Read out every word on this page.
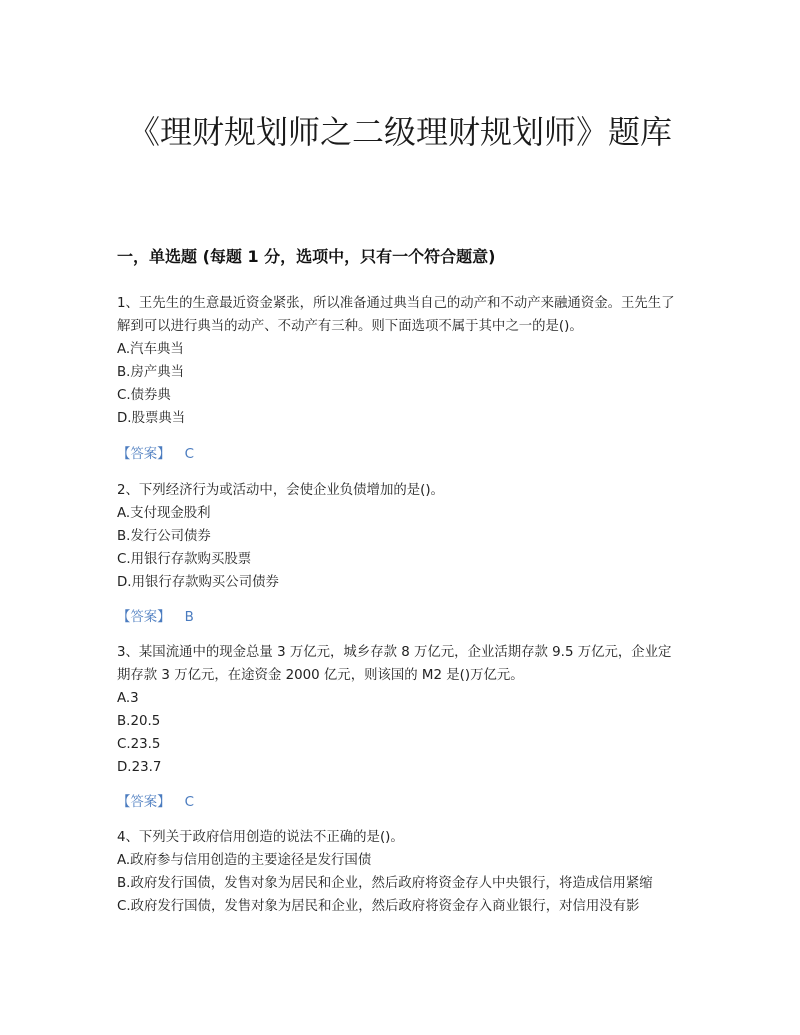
《理财规划师之二级理财规划师》题库
一，单选题 (每题 1 分，选项中，只有一个符合题意)
1、王先生的生意最近资金紧张，所以准备通过典当自己的动产和不动产来融通资金。王先生了解到可以进行典当的动产、不动产有三种。则下面选项不属于其中之一的是()。
A.汽车典当
B.房产典当
C.债券典
D.股票典当
【答案】 C
2、下列经济行为或活动中，会使企业负债增加的是()。
A.支付现金股利
B.发行公司债券
C.用银行存款购买股票
D.用银行存款购买公司债券
【答案】 B
3、某国流通中的现金总量 3 万亿元，城乡存款 8 万亿元，企业活期存款 9.5 万亿元，企业定期存款 3 万亿元，在途资金 2000 亿元，则该国的 M2 是()万亿元。
A.3
B.20.5
C.23.5
D.23.7
【答案】 C
4、下列关于政府信用创造的说法不正确的是()。
A.政府参与信用创造的主要途径是发行国债
B.政府发行国债，发售对象为居民和企业，然后政府将资金存人中央银行，将造成信用紧缩
C.政府发行国债，发售对象为居民和企业，然后政府将资金存入商业银行，对信用没有影
